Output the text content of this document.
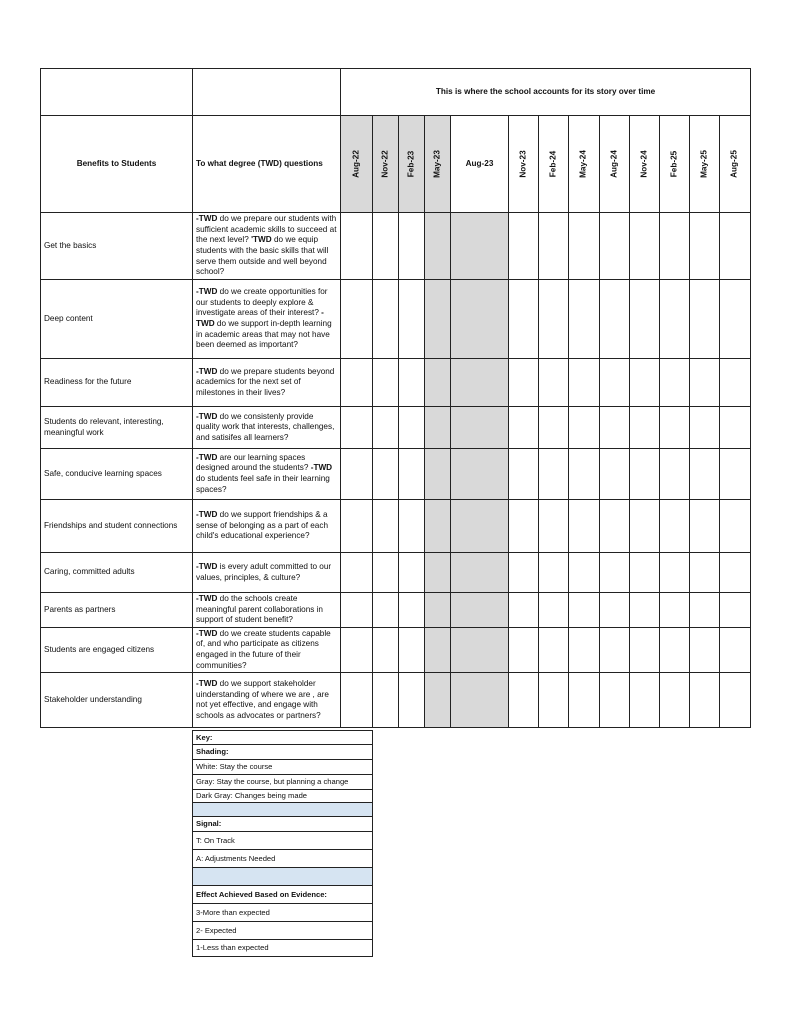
		This is where the school accounts for its story over time												
Benefits to Students	To what degree (TWD) questions	Aug-22	Nov-22	Feb-23	May-23	Aug-23	Nov-23	Feb-24	May-24	Aug-24	Nov-24	Feb-25	May-25	Aug-25

Get the basics	-TWD do we prepare our students with sufficient academic skills to succeed at the next level? 'TWD do we equip students with the basic skills that will serve them outside and well beyond school?													
Deep content	-TWD do we create opportunities for our students to deeply explore & investigate areas of their interest? -TWD do we support in-depth learning in academic areas that may not have been deemed as important?													
Readiness for the future	-TWD do we prepare students beyond academics for the next set of milestones in their lives?													
Students do relevant, interesting, meaningful work	-TWD do we consistenly provide quality work that interests, challenges, and satisifes all learners?													
Safe, conducive learning spaces	-TWD are our learning spaces designed around the students? -TWD do students feel safe in their learning spaces?													
Friendships and student connections	-TWD do we support friendships & a sense of belonging as a part of each child's educational experience?													
Caring, committed adults	-TWD is every adult committed to our values, principles, & culture?													
Parents as partners	-TWD do the schools create meaningful parent collaborations in support of student benefit?													
Students are engaged citizens	-TWD do we create students capable of, and who participate as citizens engaged in the future of their communities?													
Stakeholder understanding	-TWD do we support stakeholder uinderstanding of where we are , are not yet effective, and engage with schools as advocates or partners?													
Key:
Shading:
White: Stay the course
Gray: Stay the course, but planning a change
Dark Gray: Changes being made

Signal:
T: On Track
A: Adjustments Needed

Effect Achieved Based on Evidence:
3-More than expected
2- Expected
1-Less than expected
